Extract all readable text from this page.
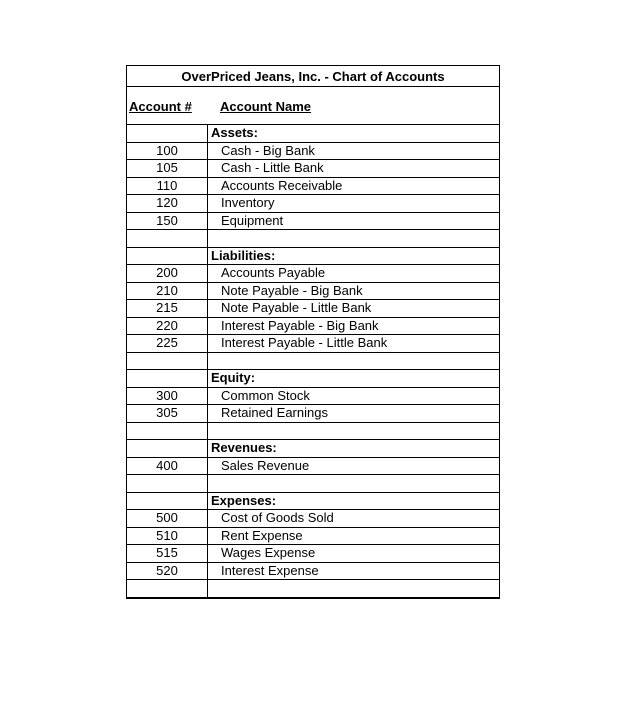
OverPriced Jeans, Inc. - Chart of Accounts
Account # Account Name
Assets:
100	Cash - Big Bank
105	Cash - Little Bank
110	Accounts Receivable
120	Inventory
150	Equipment
Liabilities:
200	Accounts Payable
210	Note Payable - Big Bank
215	Note Payable - Little Bank
220	Interest Payable - Big Bank
225	Interest Payable - Little Bank
Equity:
300	Common Stock
305	Retained Earnings
Revenues:
400	Sales Revenue
Expenses:
500	Cost of Goods Sold
510	Rent Expense
515	Wages Expense
520	Interest Expense
